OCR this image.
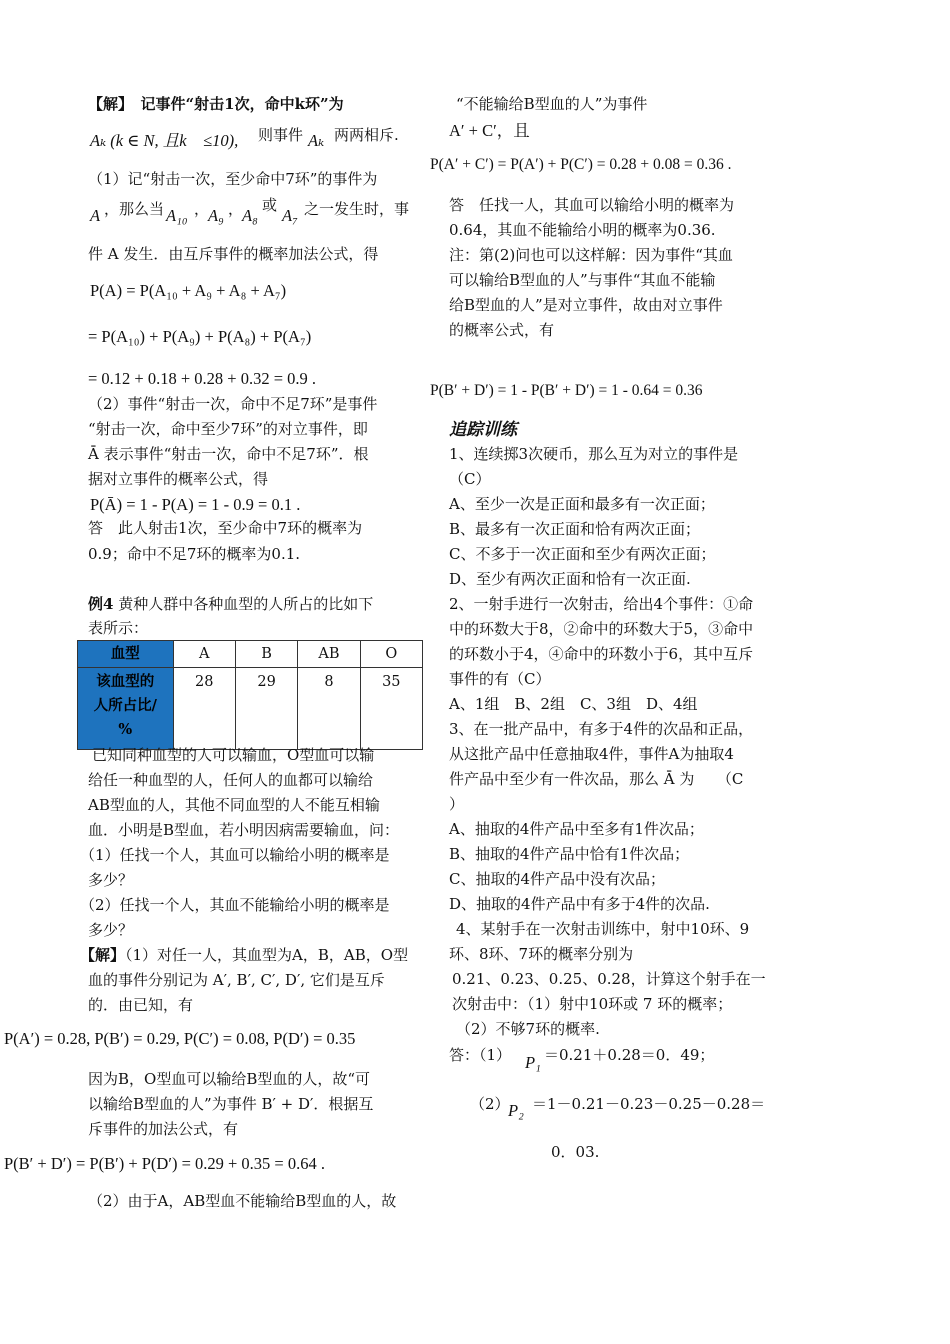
【解】　记事件“射击1次，命中k环”为
Aₖ (k ∈ N, 且k　≤10), 则事件 Aₖ 两两相斥.
（1）记“射击一次，至少命中7环”的事件为
A ，那么当 A₁₀ ，
A₉ ，
A₈
或
A₇ 之一发生时，事
件 A 发生．由互斥事件的概率加法公式，得
P(A) = P(A₁₀ + A₉ + A₈ + A₇)
= P(A₁₀) + P(A₉) + P(A₈) + P(A₇)
= 0.12 + 0.18 + 0.28 + 0.32 = 0.9 .
（2）事件“射击一次，命中不足7环”是事件
“射击一次，命中至少7环”的对立事件，即
Ā 表示事件“射击一次，命中不足7环”．根
据对立事件的概率公式，得
P(Ā) = 1 - P(A) = 1 - 0.9 = 0.1 .
答　此人射击1次，至少命中7环的概率为
0.9；命中不足7环的概率为0.1.
例4 黄种人群中各种血型的人所占的比如下
表所示：
血型	A	B	AB	O

该血型的
人所占比/
%	28	29	8	35
已知同种血型的人可以输血，O型血可以输
给任一种血型的人，任何人的血都可以输给
AB型血的人，其他不同血型的人不能互相输
血．小明是B型血，若小明因病需要输血，问：
（1）任找一个人，其血可以输给小明的概率是
多少？
（2）任找一个人，其血不能输给小明的概率是
多少？
【解】（1）对任一人，其血型为A，B，AB，O型
血的事件分别记为 A′, B′, C′, D′, 它们是互斥
的．由已知，有
P(A′) = 0.28, P(B′) = 0.29, P(C′) = 0.08, P(D′) = 0.35
因为B，O型血可以输给B型血的人，故“可
以输给B型血的人”为事件 B′ + D′．根据互
斥事件的加法公式，有
P(B′ + D′) = P(B′) + P(D′) = 0.29 + 0.35 = 0.64 .
（2）由于A，AB型血不能输给B型血的人，故
“不能输给B型血的人”为事件
A′ + C′，且
P(A′ + C′) = P(A′) + P(C′) = 0.28 + 0.08 = 0.36 .
答　任找一人，其血可以输给小明的概率为
0.64，其血不能输给小明的概率为0.36.
注：第(2)问也可以这样解：因为事件“其血
可以输给B型血的人”与事件“其血不能输
给B型血的人”是对立事件，故由对立事件
的概率公式，有
P(B′ + D′) = 1 - P(B′ + D′) = 1 - 0.64 = 0.36
追踪训练
1、连续掷3次硬币，那么互为对立的事件是
（C）
A、至少一次是正面和最多有一次正面；
B、最多有一次正面和恰有两次正面；
C、不多于一次正面和至少有两次正面；
D、至少有两次正面和恰有一次正面.
2、一射手进行一次射击，给出4个事件：①命
中的环数大于8，②命中的环数大于5，③命中
的环数小于4，④命中的环数小于6，其中互斥
事件的有（C）
A、1组　B、2组　C、3组　D、4组
3、在一批产品中，有多于4件的次品和正品，
从这批产品中任意抽取4件，事件A为抽取4
件产品中至少有一件次品，那么 Ā 为　　（C
）
A、抽取的4件产品中至多有1件次品；
B、抽取的4件产品中恰有1件次品；
C、抽取的4件产品中没有次品；
D、抽取的4件产品中有多于4件的次品.
4、某射手在一次射击训练中，射中10环、9
环、8环、7环的概率分别为
0.21、0.23、0.25、0.28，计算这个射手在一
次射击中：（1）射中10环或 7 环的概率；
（2）不够7环的概率.
答：（1） P₁ ＝0.21＋0.28＝0．49；
（2）
P₂ ＝1－0.21－0.23－0.25－0.28＝
0．03.
